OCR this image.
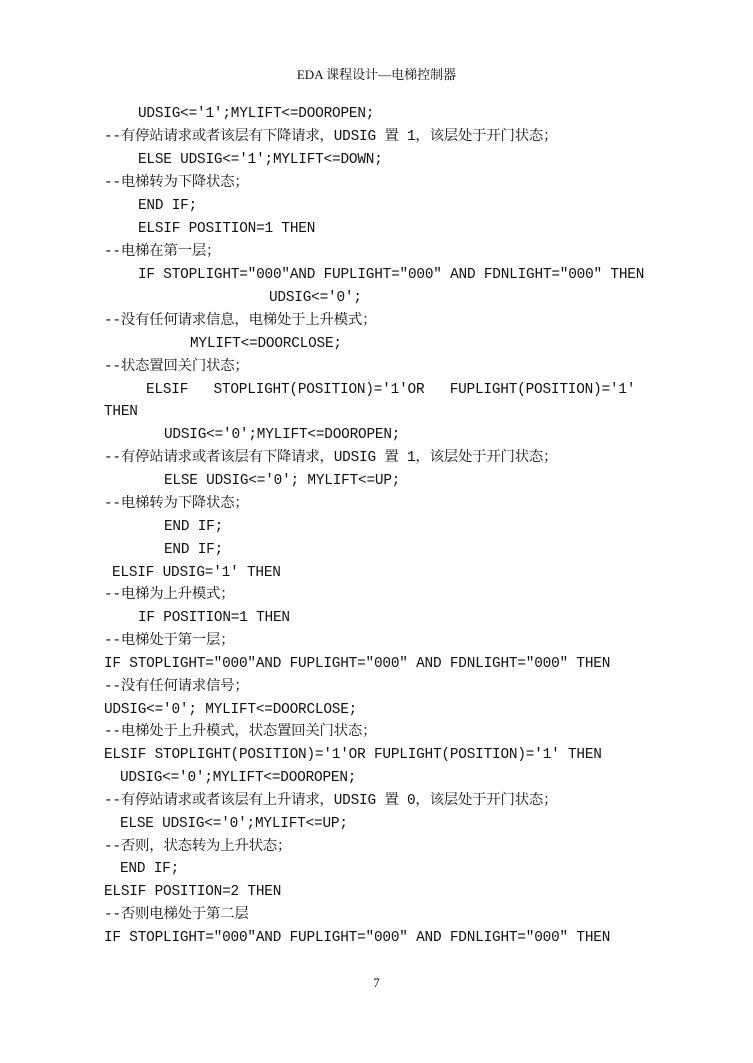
EDA 课程设计—电梯控制器
UDSIG<='1';MYLIFT<=DOOROPEN;
--有停站请求或者该层有下降请求，UDSIG 置 1，该层处于开门状态；
ELSE UDSIG<='1';MYLIFT<=DOWN;
--电梯转为下降状态；
END IF;
ELSIF POSITION=1 THEN
--电梯在第一层；
IF STOPLIGHT="000"AND FUPLIGHT="000" AND FDNLIGHT="000" THEN
UDSIG<='0';
--没有任何请求信息，电梯处于上升模式；
MYLIFT<=DOORCLOSE;
--状态置回关门状态；
ELSIF   STOPLIGHT(POSITION)='1'OR   FUPLIGHT(POSITION)='1'
THEN
UDSIG<='0';MYLIFT<=DOOROPEN;
--有停站请求或者该层有下降请求，UDSIG 置 1，该层处于开门状态；
ELSE UDSIG<='0'; MYLIFT<=UP;
--电梯转为下降状态；
END IF;
END IF;
ELSIF UDSIG='1' THEN
--电梯为上升模式；
IF POSITION=1 THEN
--电梯处于第一层；
IF STOPLIGHT="000"AND FUPLIGHT="000" AND FDNLIGHT="000" THEN
--没有任何请求信号；
UDSIG<='0'; MYLIFT<=DOORCLOSE;
--电梯处于上升模式，状态置回关门状态；
ELSIF STOPLIGHT(POSITION)='1'OR FUPLIGHT(POSITION)='1' THEN
UDSIG<='0';MYLIFT<=DOOROPEN;
--有停站请求或者该层有上升请求，UDSIG 置 0，该层处于开门状态；
ELSE UDSIG<='0';MYLIFT<=UP;
--否则，状态转为上升状态；
END IF;
ELSIF POSITION=2 THEN
--否则电梯处于第二层
IF STOPLIGHT="000"AND FUPLIGHT="000" AND FDNLIGHT="000" THEN
7
